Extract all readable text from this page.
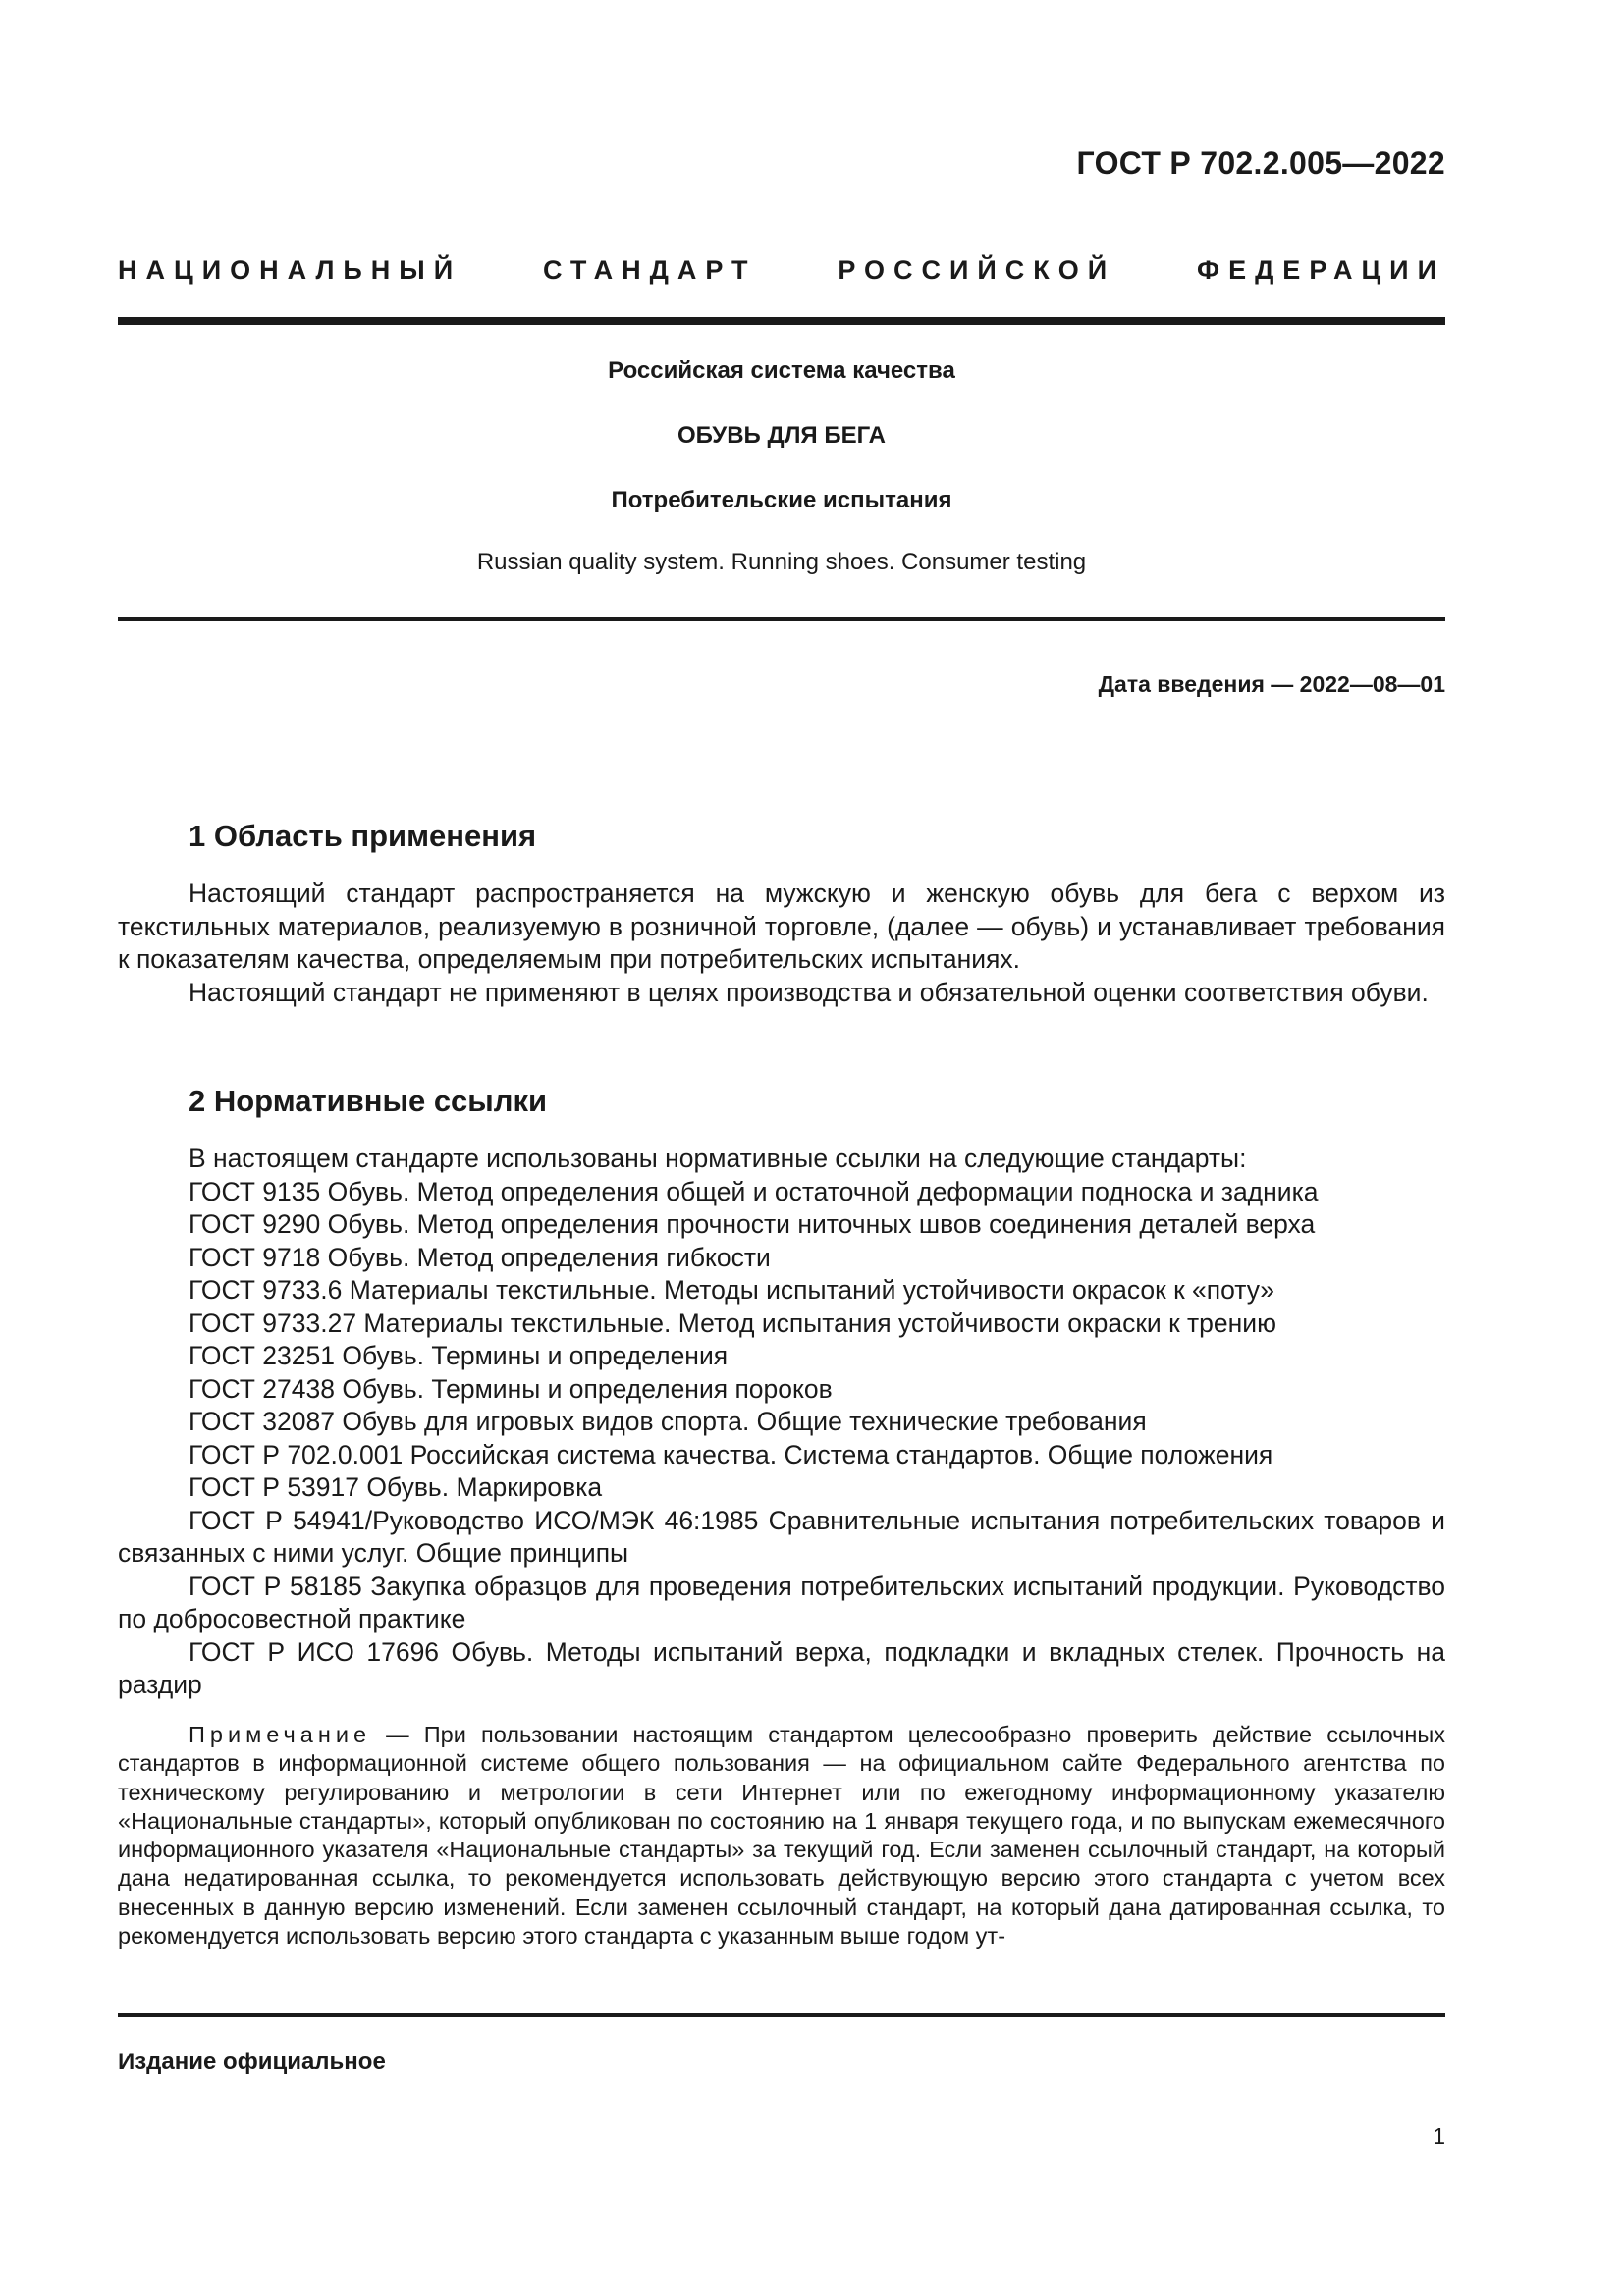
ГОСТ Р 702.2.005—2022
НАЦИОНАЛЬНЫЙ СТАНДАРТ РОССИЙСКОЙ ФЕДЕРАЦИИ
Российская система качества
ОБУВЬ ДЛЯ БЕГА
Потребительские испытания
Russian quality system. Running shoes. Consumer testing
Дата введения — 2022—08—01
1 Область применения

Настоящий стандарт распространяется на мужскую и женскую обувь для бега с верхом из текстильных материалов, реализуемую в розничной торговле, (далее — обувь) и устанавливает требования к показателям качества, определяемым при потребительских испытаниях.

Настоящий стандарт не применяют в целях производства и обязательной оценки соответствия обуви.

2 Нормативные ссылки
В настоящем стандарте использованы нормативные ссылки на следующие стандарты:
ГОСТ 9135 Обувь. Метод определения общей и остаточной деформации подноска и задника
ГОСТ 9290 Обувь. Метод определения прочности ниточных швов соединения деталей верха
ГОСТ 9718 Обувь. Метод определения гибкости
ГОСТ 9733.6 Материалы текстильные. Методы испытаний устойчивости окрасок к «поту»
ГОСТ 9733.27 Материалы текстильные. Метод испытания устойчивости окраски к трению
ГОСТ 23251 Обувь. Термины и определения
ГОСТ 27438 Обувь. Термины и определения пороков
ГОСТ 32087 Обувь для игровых видов спорта. Общие технические требования
ГОСТ Р 702.0.001 Российская система качества. Система стандартов. Общие положения
ГОСТ Р 53917 Обувь. Маркировка
ГОСТ Р 54941/Руководство ИСО/МЭК 46:1985 Сравнительные испытания потребительских товаров и связанных с ними услуг. Общие принципы
ГОСТ Р 58185 Закупка образцов для проведения потребительских испытаний продукции. Руководство по добросовестной практике
ГОСТ Р ИСО 17696 Обувь. Методы испытаний верха, подкладки и вкладных стелек. Прочность на раздир
Примечание — При пользовании настоящим стандартом целесообразно проверить действие ссылочных стандартов в информационной системе общего пользования — на официальном сайте Федерального агентства по техническому регулированию и метрологии в сети Интернет или по ежегодному информационному указателю «Национальные стандарты», который опубликован по состоянию на 1 января текущего года, и по выпускам ежемесячного информационного указателя «Национальные стандарты» за текущий год. Если заменен ссылочный стандарт, на который дана недатированная ссылка, то рекомендуется использовать действующую версию этого стандарта с учетом всех внесенных в данную версию изменений. Если заменен ссылочный стандарт, на который дана датированная ссылка, то рекомендуется использовать версию этого стандарта с указанным выше годом ут-
Издание официальное
1
